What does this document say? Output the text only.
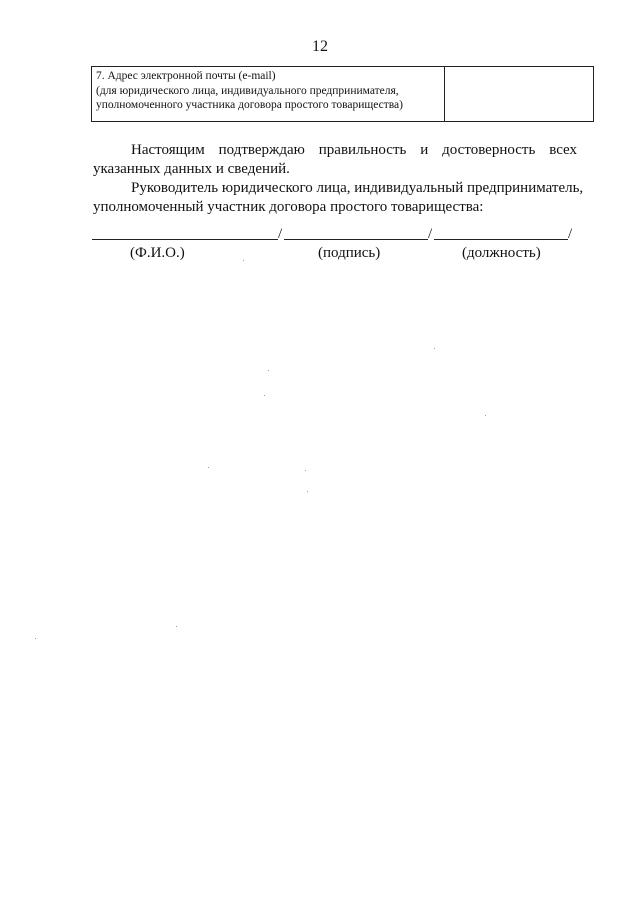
12
7. Адрес электронной почты (e-mail)
(для юридического лица, индивидуального предпринимателя,
уполномоченного участника договора простого товарищества)

Настоящим подтверждаю правильность и достоверность всех
указанных данных и сведений.
Руководитель юридического лица, индивидуальный предприниматель,
уполномоченный участник договора простого товарищества:
/	/	/
(Ф.И.О.)	(подпись)	(должность)
